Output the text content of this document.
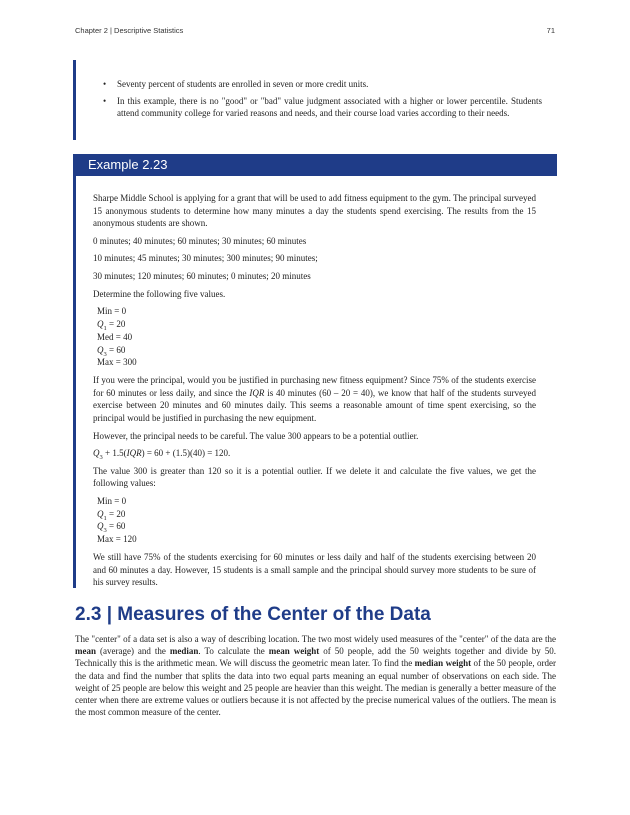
Chapter 2 | Descriptive Statistics	71
• Seventy percent of students are enrolled in seven or more credit units.
• In this example, there is no "good" or "bad" value judgment associated with a higher or lower percentile. Students attend community college for varied reasons and needs, and their course load varies according to their needs.
Example 2.23

Sharpe Middle School is applying for a grant that will be used to add fitness equipment to the gym. The principal surveyed 15 anonymous students to determine how many minutes a day the students spend exercising. The results from the 15 anonymous students are shown.

0 minutes; 40 minutes; 60 minutes; 30 minutes; 60 minutes

10 minutes; 45 minutes; 30 minutes; 300 minutes; 90 minutes;

30 minutes; 120 minutes; 60 minutes; 0 minutes; 20 minutes

Determine the following five values.

Min = 0
$Q_1 = 20$
Med = 40
$Q_3 = 60$
Max = 300

If you were the principal, would you be justified in purchasing new fitness equipment? Since 75% of the students exercise for 60 minutes or less daily, and since the IQR is 40 minutes (60 – 20 = 40), we know that half of the students surveyed exercise between 20 minutes and 60 minutes daily. This seems a reasonable amount of time spent exercising, so the principal would be justified in purchasing the new equipment.

However, the principal needs to be careful. The value 300 appears to be a potential outlier.

$Q_3 + 1.5(IQR) = 60 + (1.5)(40) = 120$.

The value 300 is greater than 120 so it is a potential outlier. If we delete it and calculate the five values, we get the following values:

Min = 0
$Q_1 = 20$
$Q_3 = 60$
Max = 120

We still have 75% of the students exercising for 60 minutes or less daily and half of the students exercising between 20 and 60 minutes a day. However, 15 students is a small sample and the principal should survey more students to be sure of his survey results.

2.3 | Measures of the Center of the Data
The "center" of a data set is also a way of describing location. The two most widely used measures of the "center" of the data are the mean (average) and the median. To calculate the mean weight of 50 people, add the 50 weights together and divide by 50. Technically this is the arithmetic mean. We will discuss the geometric mean later. To find the median weight of the 50 people, order the data and find the number that splits the data into two equal parts meaning an equal number of observations on each side. The weight of 25 people are below this weight and 25 people are heavier than this weight. The median is generally a better measure of the center when there are extreme values or outliers because it is not affected by the precise numerical values of the outliers. The mean is the most common measure of the center.
